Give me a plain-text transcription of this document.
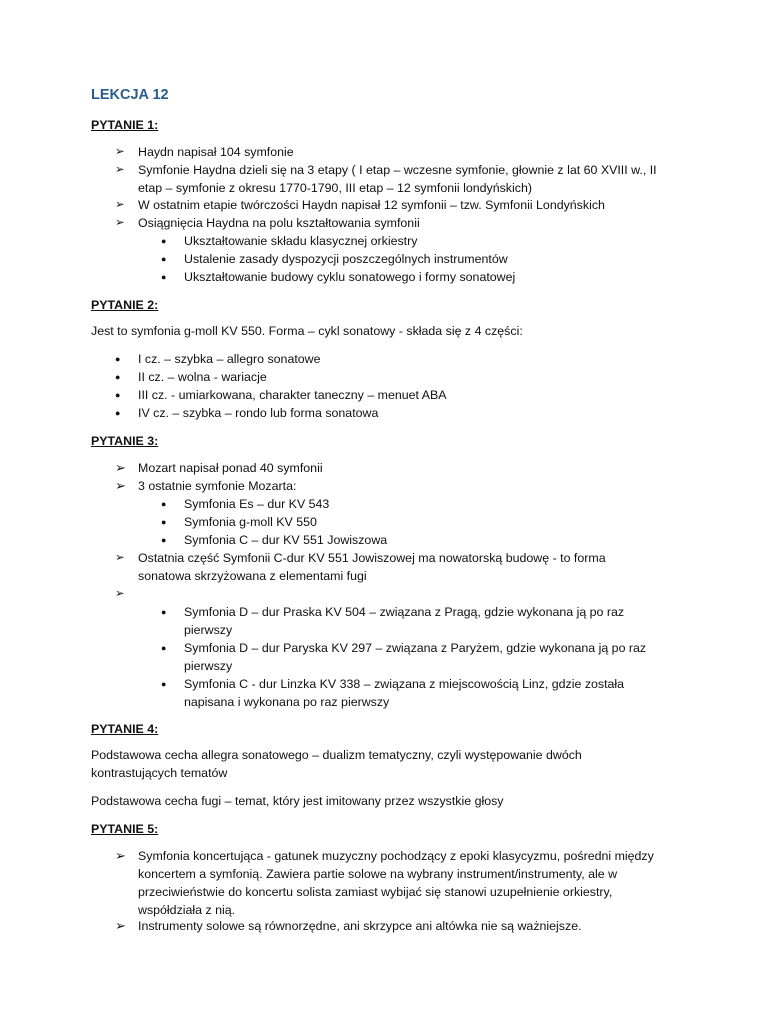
LEKCJA 12
PYTANIE 1:
➢ Haydn napisał 104 symfonie
➢ Symfonie Haydna dzieli się na 3 etapy ( I etap – wczesne symfonie, głownie z lat 60 XVIII w., II
etap – symfonie z okresu 1770-1790, III etap – 12 symfonii londyńskich)
➢ W ostatnim etapie twórczości Haydn napisał 12 symfonii – tzw. Symfonii Londyńskich
➢ Osiągnięcia Haydna na polu kształtowania symfonii
● Ukształtowanie składu klasycznej orkiestry
● Ustalenie zasady dyspozycji poszczególnych instrumentów
● Ukształtowanie budowy cyklu sonatowego i formy sonatowej
PYTANIE 2:
Jest to symfonia g-moll KV 550. Forma – cykl sonatowy - składa się z 4 części:
● I cz. – szybka – allegro sonatowe
● II cz. – wolna - wariacje
● III cz. - umiarkowana, charakter taneczny – menuet ABA
● IV cz. – szybka – rondo lub forma sonatowa
PYTANIE 3:
➢ Mozart napisał ponad 40 symfonii
➢ 3 ostatnie symfonie Mozarta:
● Symfonia Es – dur KV 543
● Symfonia g-moll KV 550
● Symfonia C – dur KV 551 Jowiszowa
➢ Ostatnia część Symfonii C-dur KV 551 Jowiszowej ma nowatorską budowę - to forma
sonatowa skrzyżowana z elementami fugi
➢
● Symfonia D – dur Praska KV 504 – związana z Pragą, gdzie wykonana ją po raz
pierwszy
● Symfonia D – dur Paryska KV 297 – związana z Paryżem, gdzie wykonana ją po raz
pierwszy
● Symfonia C - dur Linzka KV 338 – związana z miejscowością Linz, gdzie została
napisana i wykonana po raz pierwszy
PYTANIE 4:
Podstawowa cecha allegra sonatowego – dualizm tematyczny, czyli występowanie dwóch
kontrastujących tematów
Podstawowa cecha fugi – temat, który jest imitowany przez wszystkie głosy
PYTANIE 5:
➢ Symfonia koncertująca - gatunek muzyczny pochodzący z epoki klasycyzmu, pośredni między
koncertem a symfonią. Zawiera partie solowe na wybrany instrument/instrumenty, ale w
przeciwieństwie do koncertu solista zamiast wybijać się stanowi uzupełnienie orkiestry,
współdziała z nią.
➢ Instrumenty solowe są równorzędne, ani skrzypce ani altówka nie są ważniejsze.
